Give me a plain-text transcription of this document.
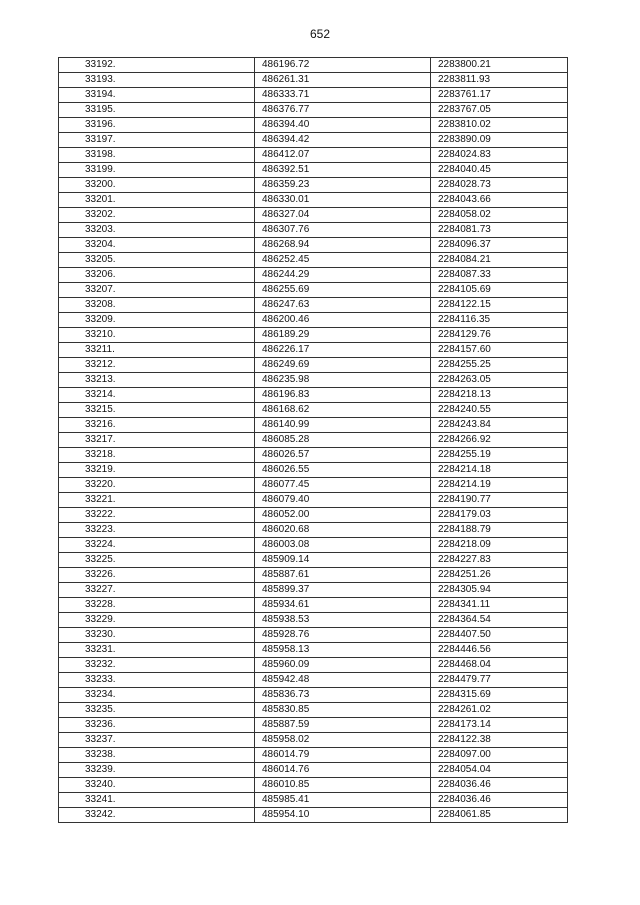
652
33192.	486196.72	2283800.21
33193.	486261.31	2283811.93
33194.	486333.71	2283761.17
33195.	486376.77	2283767.05
33196.	486394.40	2283810.02
33197.	486394.42	2283890.09
33198.	486412.07	2284024.83
33199.	486392.51	2284040.45
33200.	486359.23	2284028.73
33201.	486330.01	2284043.66
33202.	486327.04	2284058.02
33203.	486307.76	2284081.73
33204.	486268.94	2284096.37
33205.	486252.45	2284084.21
33206.	486244.29	2284087.33
33207.	486255.69	2284105.69
33208.	486247.63	2284122.15
33209.	486200.46	2284116.35
33210.	486189.29	2284129.76
33211.	486226.17	2284157.60
33212.	486249.69	2284255.25
33213.	486235.98	2284263.05
33214.	486196.83	2284218.13
33215.	486168.62	2284240.55
33216.	486140.99	2284243.84
33217.	486085.28	2284266.92
33218.	486026.57	2284255.19
33219.	486026.55	2284214.18
33220.	486077.45	2284214.19
33221.	486079.40	2284190.77
33222.	486052.00	2284179.03
33223.	486020.68	2284188.79
33224.	486003.08	2284218.09
33225.	485909.14	2284227.83
33226.	485887.61	2284251.26
33227.	485899.37	2284305.94
33228.	485934.61	2284341.11
33229.	485938.53	2284364.54
33230.	485928.76	2284407.50
33231.	485958.13	2284446.56
33232.	485960.09	2284468.04
33233.	485942.48	2284479.77
33234.	485836.73	2284315.69
33235.	485830.85	2284261.02
33236.	485887.59	2284173.14
33237.	485958.02	2284122.38
33238.	486014.79	2284097.00
33239.	486014.76	2284054.04
33240.	486010.85	2284036.46
33241.	485985.41	2284036.46
33242.	485954.10	2284061.85
